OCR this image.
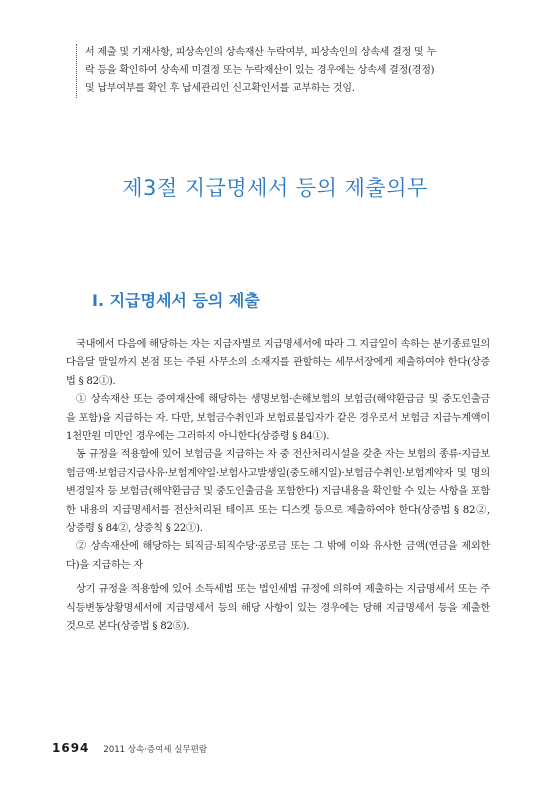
서 제출 및 기재사항, 피상속인의 상속재산 누락여부, 피상속인의 상속세 결정 및 누

락 등을 확인하여 상속세 미결정 또는 누락재산이 있는 경우에는 상속세 결정(경정)

및 납부여부를 확인 후 납세관리인 신고확인서를 교부하는 것임.

제3절 지급명세서 등의 제출의무
Ⅰ. 지급명세서 등의 제출

국내에서 다음에 해당하는 자는 지급자별로 지급명세서에 따라 그 지급일이 속하는 분기종료일의 다음달 말일까지 본점 또는 주된 사무소의 소재지를 관할하는 세무서장에게 제출하여야 한다(상증법 § 82①).

① 상속재산 또는 증여재산에 해당하는 생명보험·손해보험의 보험금(해약환급금 및 중도인출금을 포함)을 지급하는 자. 다만, 보험금수취인과 보험료불입자가 같은 경우로서 보험금 지급누계액이 1천만원 미만인 경우에는 그러하지 아니한다(상증령 § 84①).

동 규정을 적용함에 있어 보험금을 지급하는 자 중 전산처리시설을 갖춘 자는 보험의 종류·지급보험금액·보험금지급사유·보험계약일·보험사고발생일(중도해지일)·보험금수취인·보험계약자 및 명의변경일자 등 보험금(해약환급금 및 중도인출금을 포함한다) 지급내용을 확인할 수 있는 사항을 포함한 내용의 지급명세서를 전산처리된 테이프 또는 디스켓 등으로 제출하여야 한다(상증법 § 82②, 상증령 § 84②, 상증칙 § 22①).

② 상속재산에 해당하는 퇴직금·퇴직수당·공로금 또는 그 밖에 이와 유사한 금액(연금을 제외한다)을 지급하는 자

상기 규정을 적용함에 있어 소득세법 또는 법인세법 규정에 의하여 제출하는 지급명세서 또는 주식등변동상황명세서에 지급명세서 등의 해당 사항이 있는 경우에는 당해 지급명세서 등을 제출한 것으로 본다(상증법 § 82⑤).

1694 2011 상속·증여세 실무편람
